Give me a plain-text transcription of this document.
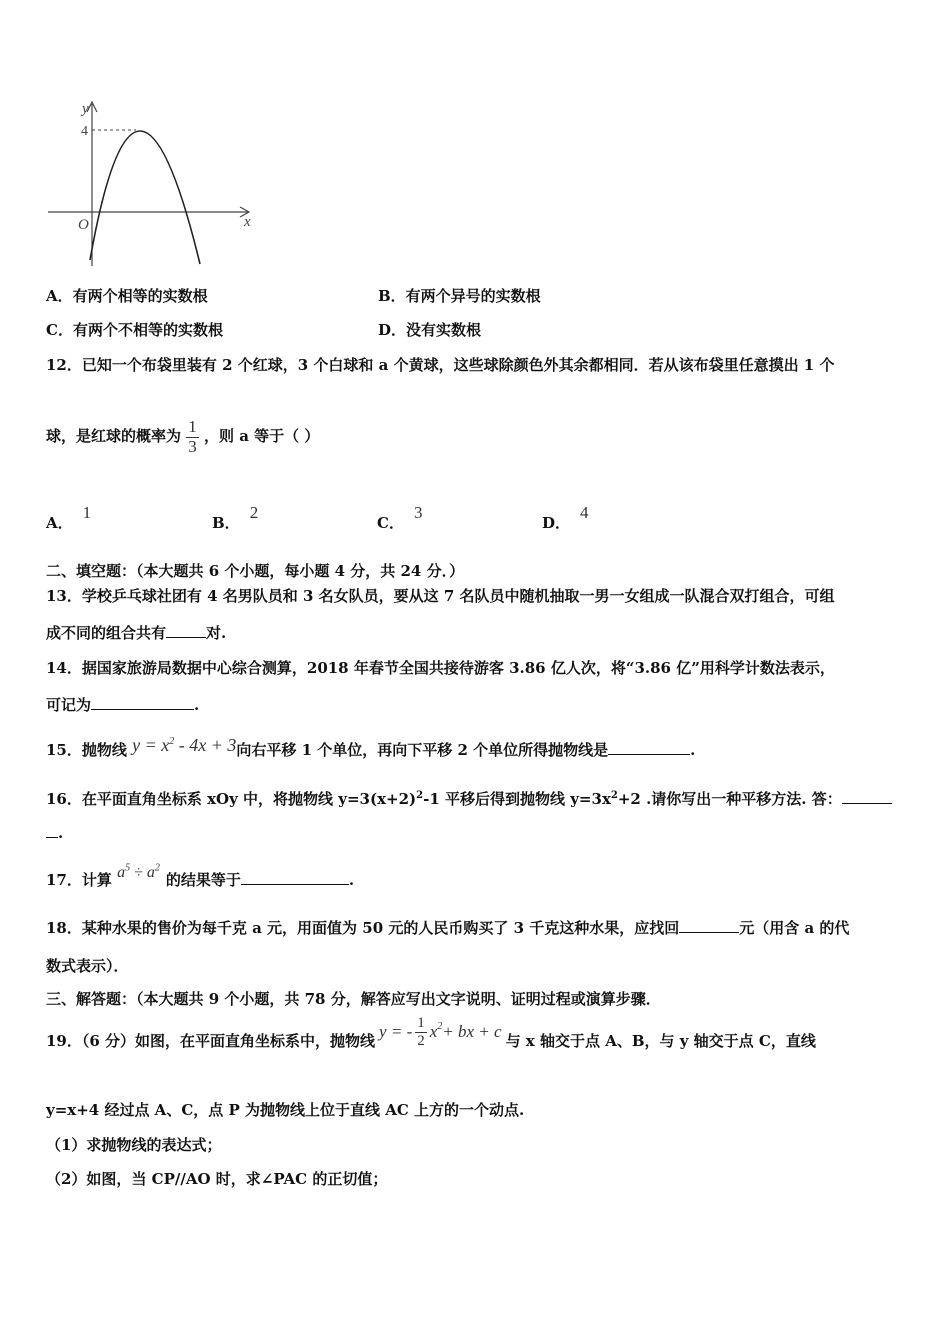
y
x
O
4
A．有两个相等的实数根	B．有两个异号的实数根
C．有两个不相等的实数根	D．没有实数根
12．已知一个布袋里装有 2 个红球，3 个白球和 a 个黄球，这些球除颜色外其余都相同．若从该布袋里任意摸出 1 个
球，是红球的概率为 $\frac{1}{3}$ ，则 a 等于（ ）
A．1
B．2
C．3
D．4
二、填空题：（本大题共 6 个小题，每小题 4 分，共 24 分．）
13．学校乒乓球社团有 4 名男队员和 3 名女队员，要从这 7 名队员中随机抽取一男一女组成一队混合双打组合，可组
成不同的组合共有	对.
14．据国家旅游局数据中心综合测算，2018 年春节全国共接待游客 3.86 亿人次，将“3.86 亿”用科学计数法表示，
可记为	.
15．抛物线 $y = x^2 - 4x + 3$向右平移 1 个单位，再向下平移 2 个单位所得抛物线是	.
16．在平面直角坐标系 xOy 中，将抛物线 $y=3(x+2)^2-1$ 平移后得到抛物线 $y=3x^2+2$ .请你写出一种平移方法. 答：
.
17．计算 $a^5 \div a^2$的结果等于	.
18．某种水果的售价为每千克 a 元，用面值为 50 元的人民币购买了 3 千克这种水果，应找回	元（用含 a 的代
数式表示）．
三、解答题：（本大题共 9 个小题，共 78 分，解答应写出文字说明、证明过程或演算步骤．
19．（6 分）如图，在平面直角坐标系中，抛物线 y = - $\frac{1}{2} x^2$ + bx + c 与 x 轴交于点 A、B，与 y 轴交于点 C，直线
y=x+4 经过点 A、C，点 P 为抛物线上位于直线 AC 上方的一个动点.
（1）求抛物线的表达式；
（2）如图，当 CP//AO 时，求∠PAC 的正切值；
